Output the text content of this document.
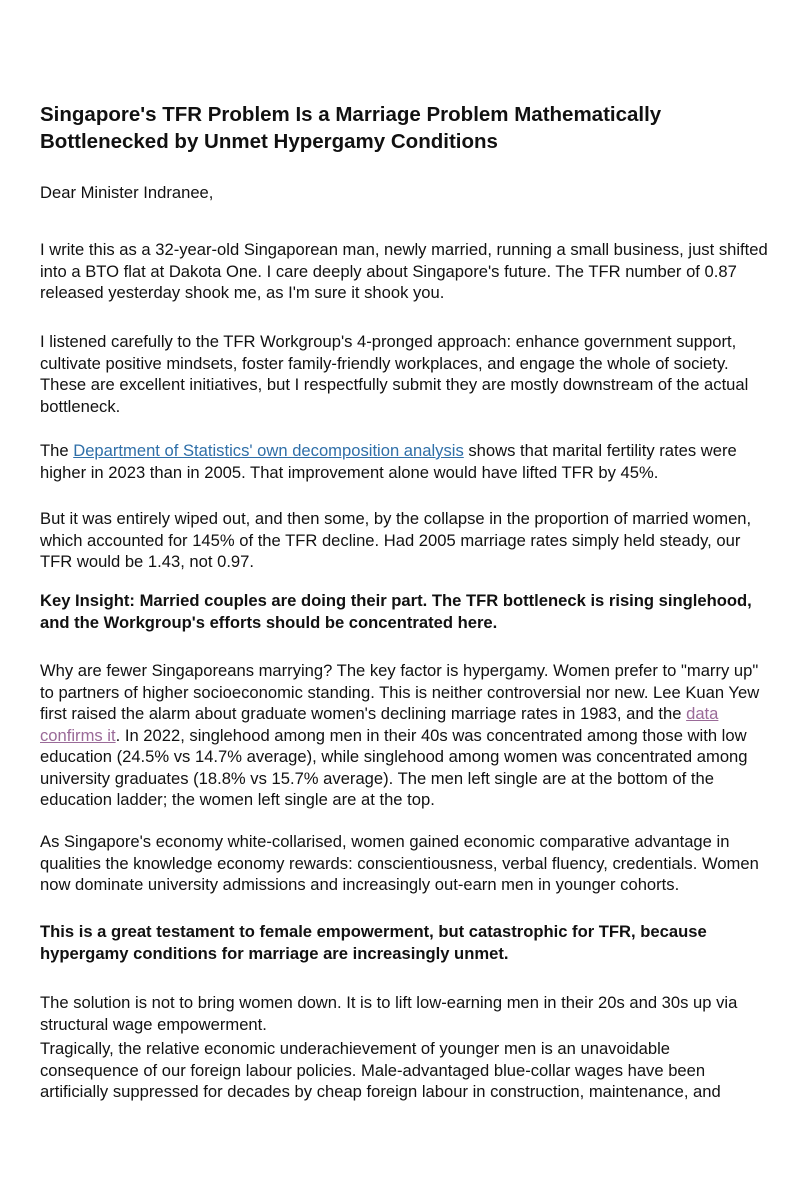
Singapore's TFR Problem Is a Marriage Problem Mathematically Bottlenecked by Unmet Hypergamy Conditions

Dear Minister Indranee,

I write this as a 32-year-old Singaporean man, newly married, running a small business, just shifted into a BTO flat at Dakota One. I care deeply about Singapore's future. The TFR number of 0.87 released yesterday shook me, as I'm sure it shook you.

I listened carefully to the TFR Workgroup's 4-pronged approach: enhance government support, cultivate positive mindsets, foster family-friendly workplaces, and engage the whole of society. These are excellent initiatives, but I respectfully submit they are mostly downstream of the actual bottleneck.

The Department of Statistics' own decomposition analysis shows that marital fertility rates were higher in 2023 than in 2005. That improvement alone would have lifted TFR by 45%.

But it was entirely wiped out, and then some, by the collapse in the proportion of married women, which accounted for 145% of the TFR decline. Had 2005 marriage rates simply held steady, our TFR would be 1.43, not 0.97.

Key Insight: Married couples are doing their part. The TFR bottleneck is rising singlehood, and the Workgroup's efforts should be concentrated here.

Why are fewer Singaporeans marrying? The key factor is hypergamy. Women prefer to "marry up" to partners of higher socioeconomic standing. This is neither controversial nor new. Lee Kuan Yew first raised the alarm about graduate women's declining marriage rates in 1983, and the data confirms it. In 2022, singlehood among men in their 40s was concentrated among those with low education (24.5% vs 14.7% average), while singlehood among women was concentrated among university graduates (18.8% vs 15.7% average). The men left single are at the bottom of the education ladder; the women left single are at the top.

As Singapore's economy white-collarised, women gained economic comparative advantage in qualities the knowledge economy rewards: conscientiousness, verbal fluency, credentials. Women now dominate university admissions and increasingly out-earn men in younger cohorts.

This is a great testament to female empowerment, but catastrophic for TFR, because hypergamy conditions for marriage are increasingly unmet.

The solution is not to bring women down. It is to lift low-earning men in their 20s and 30s up via structural wage empowerment.

Tragically, the relative economic underachievement of younger men is an unavoidable consequence of our foreign labour policies. Male-advantaged blue-collar wages have been artificially suppressed for decades by cheap foreign labour in construction, maintenance, and
